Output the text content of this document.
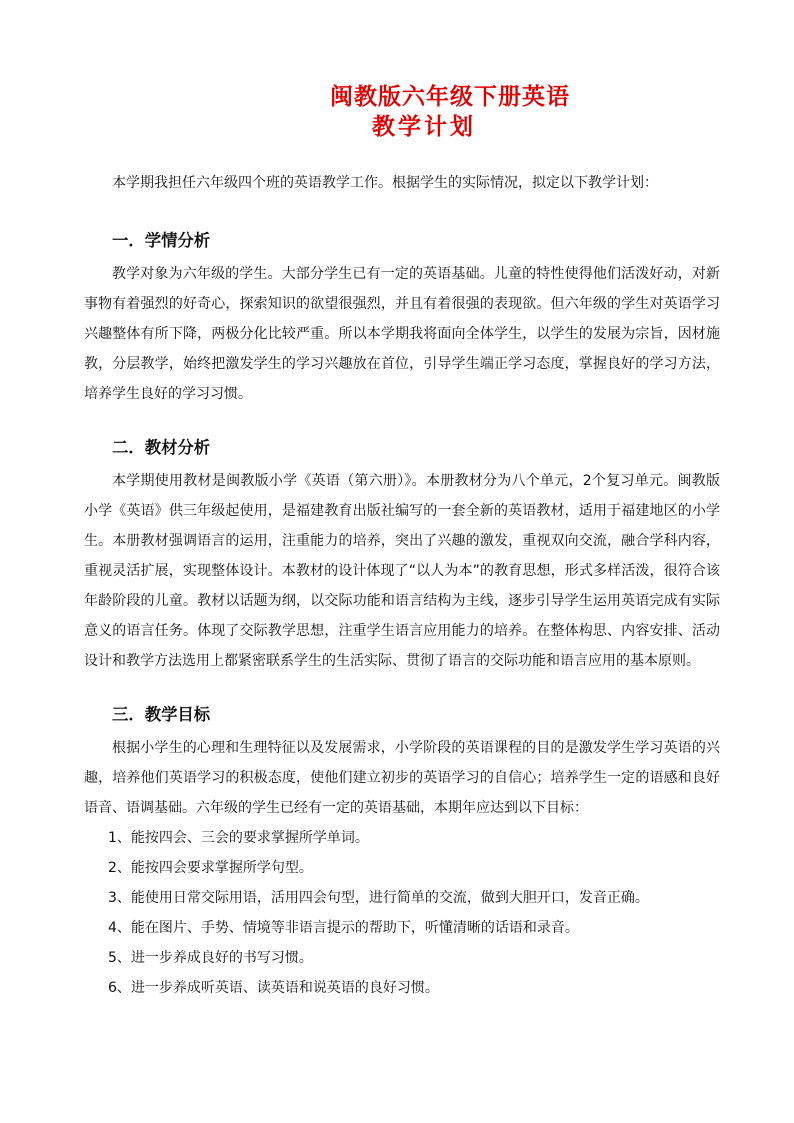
闽教版六年级下册英语
教学计划

本学期我担任六年级四个班的英语教学工作。根据学生的实际情况，拟定以下教学计划：

一．学情分析

教学对象为六年级的学生。大部分学生已有一定的英语基础。儿童的特性使得他们活泼好动，对新事物有着强烈的好奇心，探索知识的欲望很强烈，并且有着很强的表现欲。但六年级的学生对英语学习兴趣整体有所下降，两极分化比较严重。所以本学期我将面向全体学生，以学生的发展为宗旨，因材施教，分层教学，始终把激发学生的学习兴趣放在首位，引导学生端正学习态度，掌握良好的学习方法，培养学生良好的学习习惯。

二．教材分析

本学期使用教材是闽教版小学《英语（第六册）》。本册教材分为八个单元，2个复习单元。闽教版小学《英语》供三年级起使用，是福建教育出版社编写的一套全新的英语教材，适用于福建地区的小学生。本册教材强调语言的运用，注重能力的培养，突出了兴趣的激发，重视双向交流，融合学科内容，重视灵活扩展，实现整体设计。本教材的设计体现了“以人为本”的教育思想，形式多样活泼，很符合该年龄阶段的儿童。教材以话题为纲，以交际功能和语言结构为主线，逐步引导学生运用英语完成有实际意义的语言任务。体现了交际教学思想，注重学生语言应用能力的培养。在整体构思、内容安排、活动设计和教学方法选用上都紧密联系学生的生活实际、贯彻了语言的交际功能和语言应用的基本原则。

三．教学目标

根据小学生的心理和生理特征以及发展需求，小学阶段的英语课程的目的是激发学生学习英语的兴趣，培养他们英语学习的积极态度，使他们建立初步的英语学习的自信心；培养学生一定的语感和良好语音、语调基础。六年级的学生已经有一定的英语基础，本期年应达到以下目标：

1、能按四会、三会的要求掌握所学单词。
2、能按四会要求掌握所学句型。
3、能使用日常交际用语，活用四会句型，进行简单的交流，做到大胆开口，发音正确。
4、能在图片、手势、情境等非语言提示的帮助下，听懂清晰的话语和录音。
5、进一步养成良好的书写习惯。
6、进一步养成听英语、读英语和说英语的良好习惯。
